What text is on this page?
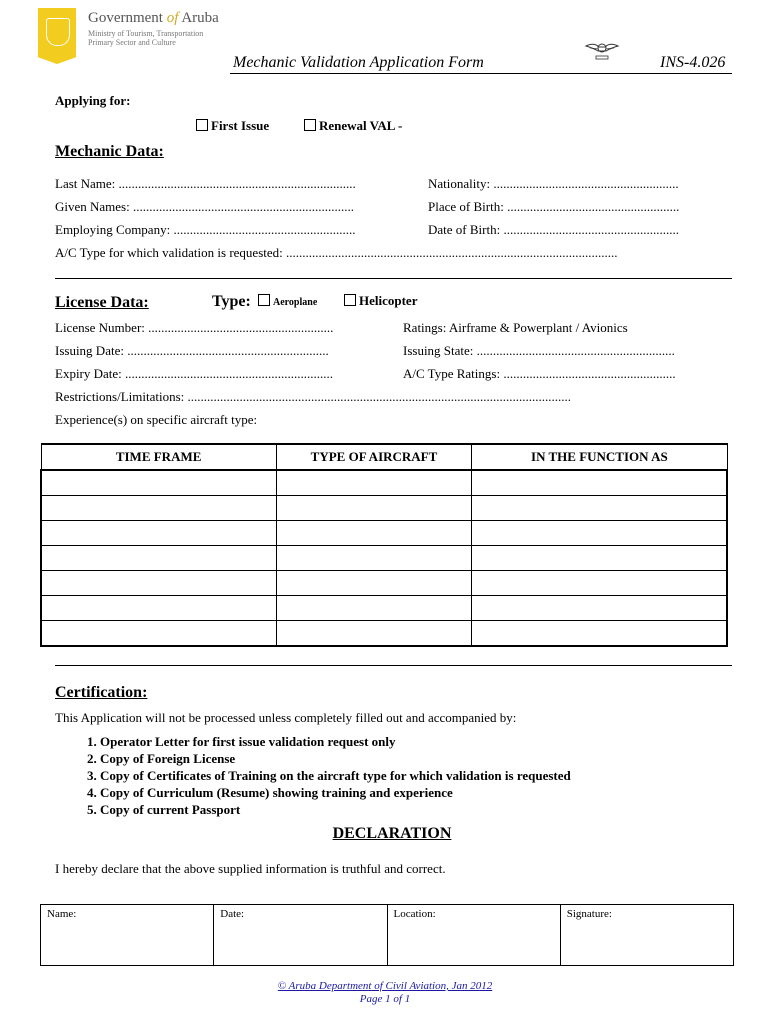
Government of Aruba
Ministry of Tourism, Transportation
Primary Sector and Culture
Mechanic Validation Application Form	INS-4.026
Applying for:
First Issue	Renewal VAL -
Mechanic Data:
Last Name: .........................................................................	Nationality: .........................................................
Given Names: ....................................................................	Place of Birth: .....................................................
Employing Company: ........................................................	Date of Birth: ......................................................
A/C Type for which validation is requested: ......................................................................................................
License Data:	Type:	Aeroplane	Helicopter
License Number: .........................................................	Ratings: Airframe & Powerplant / Avionics
Issuing Date: ..............................................................	Issuing State: .............................................................
Expiry Date: ................................................................	A/C Type Ratings: .....................................................
Restrictions/Limitations: ......................................................................................................................
Experience(s) on specific aircraft type:
TIME FRAME	TYPE OF AIRCRAFT	IN THE FUNCTION AS

Certification:
This Application will not be processed unless completely filled out and accompanied by:
1. Operator Letter for first issue validation request only
2. Copy of Foreign License
3. Copy of Certificates of Training on the aircraft type for which validation is requested
4. Copy of Curriculum (Resume) showing training and experience
5. Copy of current Passport
DECLARATION
I hereby declare that the above supplied information is truthful and correct.
Name:	Date:	Location:	Signature:
© Aruba Department of Civil Aviation, Jan 2012
Page 1 of 1
